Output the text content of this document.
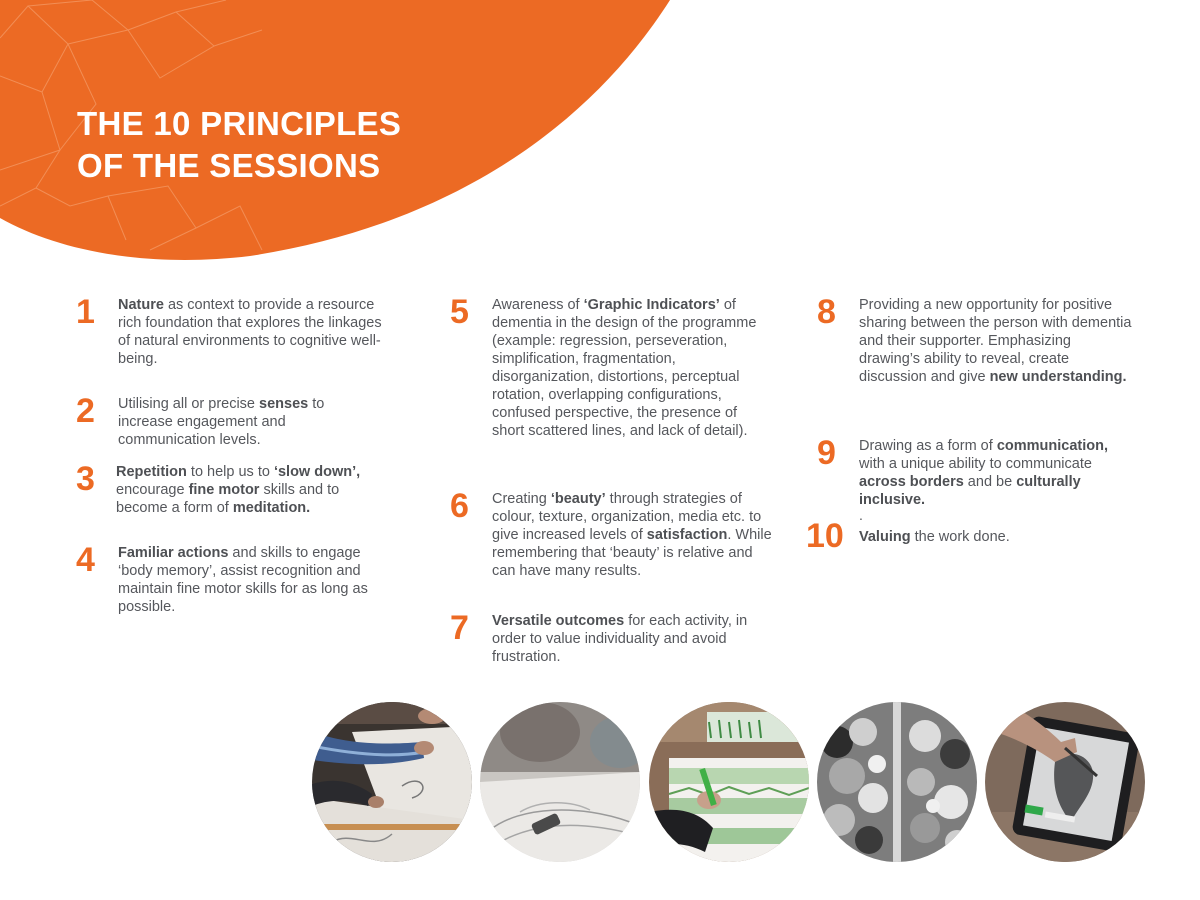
THE 10 PRINCIPLES
OF THE SESSIONS
1 Nature as context to provide a resource rich foundation that explores the linkages of natural environments to cognitive well-being.
2 Utilising all or precise senses to increase engagement and communication levels.
3 Repetition to help us to ‘slow down’, encourage fine motor skills and to become a form of meditation.
4 Familiar actions and skills to engage ‘body memory’, assist recognition and maintain fine motor skills for as long as possible.
5 Awareness of ‘Graphic Indicators’ of dementia in the design of the programme (example: regression, perseveration, simplification, fragmentation, disorganization, distortions, perceptual rotation, overlapping configurations, confused perspective, the presence of short scattered lines, and lack of detail).
6 Creating ‘beauty’ through strategies of colour, texture, organization, media etc. to give increased levels of satisfaction. While remembering that ‘beauty’ is relative and can have many results.
7 Versatile outcomes for each activity, in order to value individuality and avoid frustration.
8 Providing a new opportunity for positive sharing between the person with dementia and their supporter. Emphasizing drawing’s ability to reveal, create discussion and give new understanding.
9 Drawing as a form of communication, with a unique ability to communicate across borders and be culturally inclusive.
.
10 Valuing the work done.
